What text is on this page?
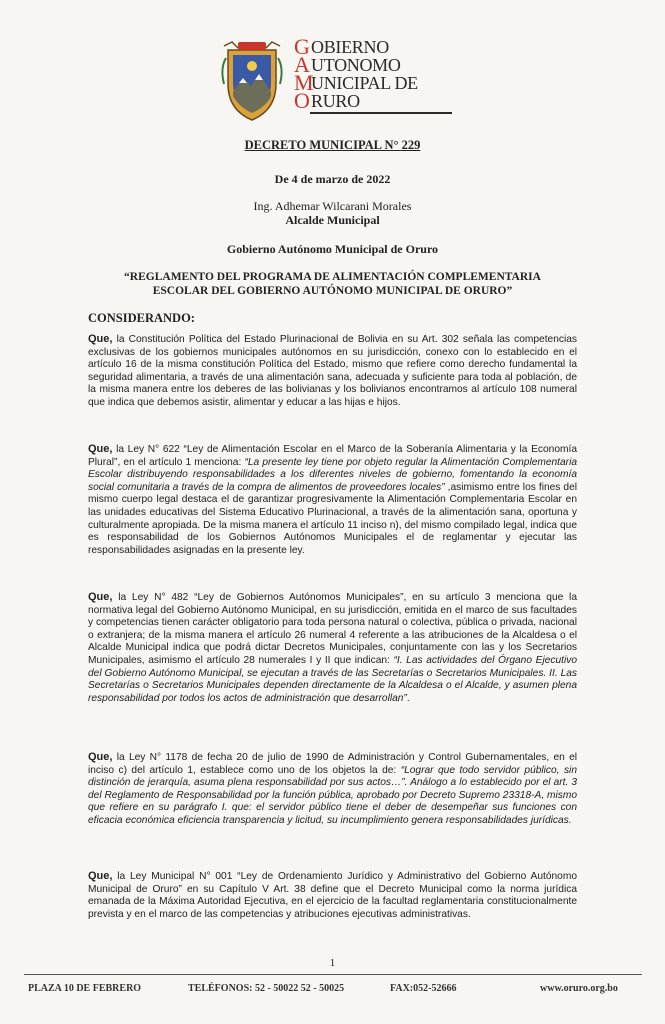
G OBIERNO
A UTONOMO
M
UNICIPAL DE
O RURO
DECRETO MUNICIPAL N° 229
De 4 de marzo de 2022
Ing. Adhemar Wilcarani Morales
Alcalde Municipal
Gobierno Autónomo Municipal de Oruro
“REGLAMENTO DEL PROGRAMA DE ALIMENTACIÓN COMPLEMENTARIA
ESCOLAR DEL GOBIERNO AUTÓNOMO MUNICIPAL DE ORURO”
CONSIDERANDO:
Que, la Constitución Política del Estado Plurinacional de Bolivia en su Art. 302 señala las competencias exclusivas de los gobiernos municipales autónomos en su jurisdicción, conexo con lo establecido en el artículo 16 de la misma constitución Política del Estado, mismo que refiere como derecho fundamental la seguridad alimentaria, a través de una alimentación sana, adecuada y suficiente para toda al población, de la misma manera entre los deberes de las bolivianas y los bolivianos encontramos al artículo 108 numeral que indica que debemos asistir, alimentar y educar a las hijas e hijos.
Que, la Ley N° 622 “Ley de Alimentación Escolar en el Marco de la Soberanía Alimentaria y la Economía Plural”, en el artículo 1 menciona: “La presente ley tiene por objeto regular la Alimentación Complementaria Escolar distribuyendo responsabilidades a los diferentes niveles de gobierno, fomentando la economía social comunitaria a través de la compra de alimentos de proveedores locales” ,asimismo entre los fines del mismo cuerpo legal destaca el de garantizar progresivamente la Alimentación Complementaria Escolar en las unidades educativas del Sistema Educativo Plurinacional, a través de la alimentación sana, oportuna y culturalmente apropiada. De la misma manera el artículo 11 inciso n), del mismo compilado legal, indica que es responsabilidad de los Gobiernos Autónomos Municipales el de reglamentar y ejecutar las responsabilidades asignadas en la presente ley.
Que, la Ley N° 482 “Ley de Gobiernos Autónomos Municipales”, en su artículo 3 menciona que la normativa legal del Gobierno Autónomo Municipal, en su jurisdicción, emitida en el marco de sus facultades y competencias tienen carácter obligatorio para toda persona natural o colectiva, pública o privada, nacional o extranjera; de la misma manera el artículo 26 numeral 4 referente a las atribuciones de la Alcaldesa o el Alcalde Municipal indica que podrá dictar Decretos Municipales, conjuntamente con las y los Secretarios Municipales, asimismo el artículo 28 numerales I y II que indican: “I. Las actividades del Órgano Ejecutivo del Gobierno Autónomo Municipal, se ejecutan a través de las Secretarías o Secretarios Municipales. II. Las Secretarías o Secretarios Municipales dependen directamente de la Alcaldesa o el Alcalde, y asumen plena responsabilidad por todos los actos de administración que desarrollan”.
Que, la Ley N° 1178 de fecha 20 de julio de 1990 de Administración y Control Gubernamentales, en el inciso c) del artículo 1, establece como uno de los objetos la de: “Lograr que todo servidor público, sin distinción de jerarquía, asuma plena responsabilidad por sus actos…”. Análogo a lo establecido por el art. 3 del Reglamento de Responsabilidad por la función pública, aprobado por Decreto Supremo 23318-A, mismo que refiere en su parágrafo I. que: el servidor público tiene el deber de desempeñar sus funciones con eficacia económica eficiencia transparencia y licitud, su incumplimiento genera responsabilidades jurídicas.
Que, la Ley Municipal N° 001 “Ley de Ordenamiento Jurídico y Administrativo del Gobierno Autónomo Municipal de Oruro” en su Capítulo V Art. 38 define que el Decreto Municipal como la norma jurídica emanada de la Máxima Autoridad Ejecutiva, en el ejercicio de la facultad reglamentaria constitucionalmente prevista y en el marco de las competencias y atribuciones ejecutivas administrativas.
1
PLAZA 10 DE FEBRERO	TELÉFONOS: 52 - 50022 52 - 50025	FAX:052-52666	www.oruro.org.bo
